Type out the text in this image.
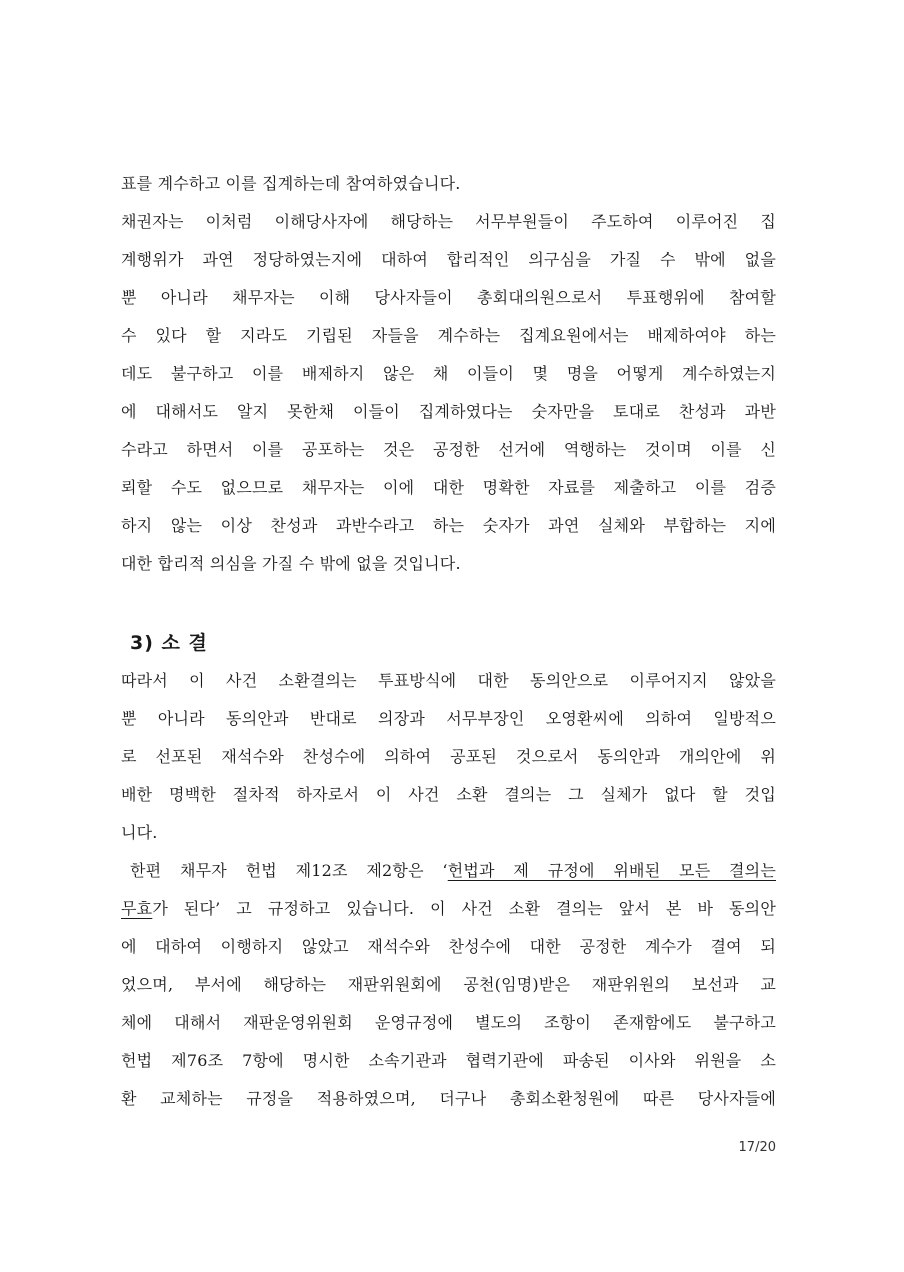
표를 계수하고 이를 집계하는데 참여하였습니다.
채권자는 이처럼 이해당사자에 해당하는 서무부원들이 주도하여 이루어진 집
계행위가 과연 정당하였는지에 대하여 합리적인 의구심을 가질 수 밖에 없을
뿐 아니라 채무자는 이해 당사자들이 총회대의원으로서 투표행위에 참여할
수 있다 할 지라도 기립된 자들을 계수하는 집계요원에서는 배제하여야 하는
데도 불구하고 이를 배제하지 않은 채 이들이 몇 명을 어떻게 계수하였는지
에 대해서도 알지 못한채 이들이 집계하였다는 숫자만을 토대로 찬성과 과반
수라고 하면서 이를 공포하는 것은 공정한 선거에 역행하는 것이며 이를 신
뢰할 수도 없으므로 채무자는 이에 대한 명확한 자료를 제출하고 이를 검증
하지 않는 이상 찬성과 과반수라고 하는 숫자가 과연 실체와 부합하는 지에
대한 합리적 의심을 가질 수 밖에 없을 것입니다.
3) 소 결
따라서 이 사건 소환결의는 투표방식에 대한 동의안으로 이루어지지 않았을
뿐 아니라 동의안과 반대로 의장과 서무부장인 오영환씨에 의하여 일방적으
로 선포된 재석수와 찬성수에 의하여 공포된 것으로서 동의안과 개의안에 위
배한 명백한 절차적 하자로서 이 사건 소환 결의는 그 실체가 없다 할 것입
니다.
한편 채무자 헌법 제12조 제2항은 ‘헌법과 제 규정에 위배된 모든 결의는
무효가 된다’ 고 규정하고 있습니다. 이 사건 소환 결의는 앞서 본 바 동의안
에 대하여 이행하지 않았고 재석수와 찬성수에 대한 공정한 계수가 결여 되
었으며, 부서에 해당하는 재판위원회에 공천(임명)받은 재판위원의 보선과 교
체에 대해서 재판운영위원회 운영규정에 별도의 조항이 존재함에도 불구하고
헌법 제76조 7항에 명시한 소속기관과 협력기관에 파송된 이사와 위원을 소
환 교체하는 규정을 적용하였으며, 더구나 총회소환청원에 따른 당사자들에
17/20
